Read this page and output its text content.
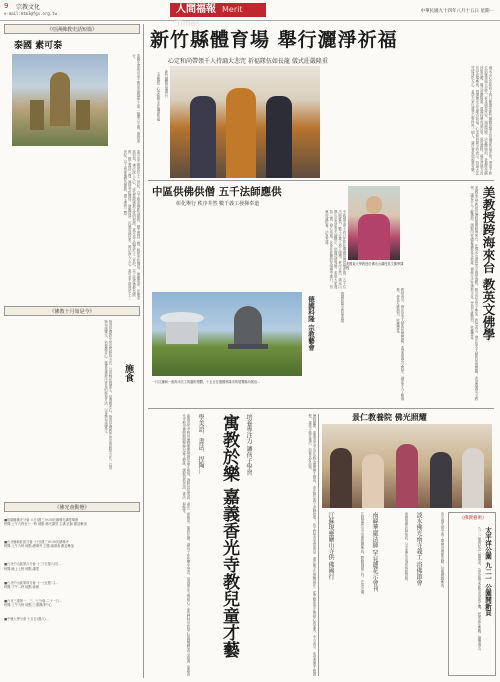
9 宗教文化
e-mail:mtm3@fgs.org.tw	人間福報 Merit Times
中華民國九十四年八月十五日 星期一
《亞洲佛教史話短篇》
泰國 素可泰
泰國北部素可泰王朝是泰國歷史上第一個獨立王朝，佛教盛行。
素可泰王朝建於十三世紀，以上座部佛教為國教，國王護持三寶，興建寺院佛塔，僧團清淨，民眾虔誠信奉，佛法深入人心，成為泰國佛教文化的根源。素可泰王朝建於十三世紀，以上座部佛教為國教，國王護持三寶，興建寺院佛塔，僧團清淨，民眾虔誠信奉，佛法深入人心。素可泰王朝建於十三世紀，以上座部佛教為國教，國王護持三寶。
《佛教十月如是今》
施食是佛教中常見的修持方法，以食物布施眾生，培養慈悲心。施食是佛教中常見的修持方法，以食物布施眾生，培養慈悲心。施食是佛教中常見的修持方法，以食物布施眾生。	施食
《佛光會動態》
■桃園縣佛光分會 六日(週三)9:30於縣佛光講堂舉辦
時間:上午九時至十一時 地點:佛光講堂 主講:法師 歡迎參加
■台北縣新莊區分會 十日(週三)9:30於總導寺
時間:上午九時 地點:總導寺 主題:讀書會 歡迎參加
■台北中山區第六分會 十三日(週六)於...
時間:晚上七時 地點:講堂
■台北中山區第四分會 十一日(週二)...
時間:下午二時 地點:會館
■台北三重第一、三、七分會 二十一日...
時間:上午九時 地點:三重禪淨中心
■中壢大學分會 十五日(週六)...
新竹縣體育場 舉行灑淨祈福
心定和尚帶領千人持誦大悲咒 祈福隊伍如長龍 儀式莊嚴隆重
（本報訊）心定和尚主法灑淨祈福	新竹縣體育場舉行	佛光山心定和尚十四日應邀至新竹縣體育場主持灑淨祈福法會，帶領千餘位信眾持誦大悲咒，祈求國泰民安、風調雨順。法會開始前，祈福隊伍綿延如長龍，儀式莊嚴隆重，現場信眾虔誠合掌，氣氛肅穆。縣長及地方首長亦到場參與，感謝佛光山為地方祈福。心定和尚開示時表示，持誦大悲咒能淨化人心，希望大家以慈悲心對待每一個人，讓社會更加和諧安樂。
中區供佛供僧 五千法師應供
彰化舉行 秩序井然 數千義工發揮奉道
中區佛光會十四日在彰化舉辦供佛供僧法會，五千位法師應供，數千位義工投入服務，秩序井然。佛光山開山宗長星雲大師開示，供僧功德殊勝，希望大家護持三寶，發心布施。法會在莊嚴的梵唄聲中進行，信眾虔誠供養，法喜充滿。
美國某大學教授於佛光山講授英文佛學課程	美教授跨海來台 教英文佛學
美國某大學教授於暑假期間跨海來台，在佛光山講授英文佛學課程，吸引許多學子參加。教授表示，佛法是全人類的智慧寶藏，希望透過英文教學，讓更多人了解佛教。課程內容涵蓋佛教基本教義、禪修方法及佛教文化，學員反應熱烈，收穫豐富。
教授表示，佛法是全人類的智慧寶藏，希望透過英文教學，讓更多人了解佛教。學員反應熱烈，收穫豐富。
德國科隆 宗教藝會	德國科隆宗教藝術展
一口巨鐘和一座尚未完工的圓形塑體，十五日在德國科隆市的展覽場內展出...
嘉義香光寺利用暑假期間舉辦兒童才藝班，課程包括美語、書法、捏陶等，寓教於樂，讓孩子在快樂中學習，培養專注力與耐心。家長們對寺院用心規劃課程表示感謝。嘉義香光寺利用暑假期間舉辦兒童才藝班，課程包括美語、書法、捏陶等。	學美語、書法、捏陶… 寓教於樂 嘉義香光寺教兒童才藝	培養專注力 讓孩子學習	暑假期間，嘉義香光寺為社區兒童開辦才藝班，由法師及義工老師指導，孩子們學習美語會話、書法練字及捏陶創作，從中體會專注與耐心的重要。寺方表示，希望透過才藝課程，讓孩子親近佛法，培養良好品格。	景仁教養院 佛光照耀
江蘇現靈巖山寺供 佛國行	江蘇靈巖山寺信眾組團參訪，體驗佛國之行，法喜充滿。	南韓華嚴法師 罕見蓮花示會刊	南韓華嚴法師來訪，分享蓮花示現的殊勝因緣。	淡水佛光南寺義工 浴佛節會	淡水佛光南寺義工舉辦浴佛節活動，信眾踴躍參與。	《佛教藝術》
太平洋公園 九二一 公園開新頁
九二一地震紀念公園落成，為災區帶來新的希望與生機，民眾前往參觀，緬懷過去。
